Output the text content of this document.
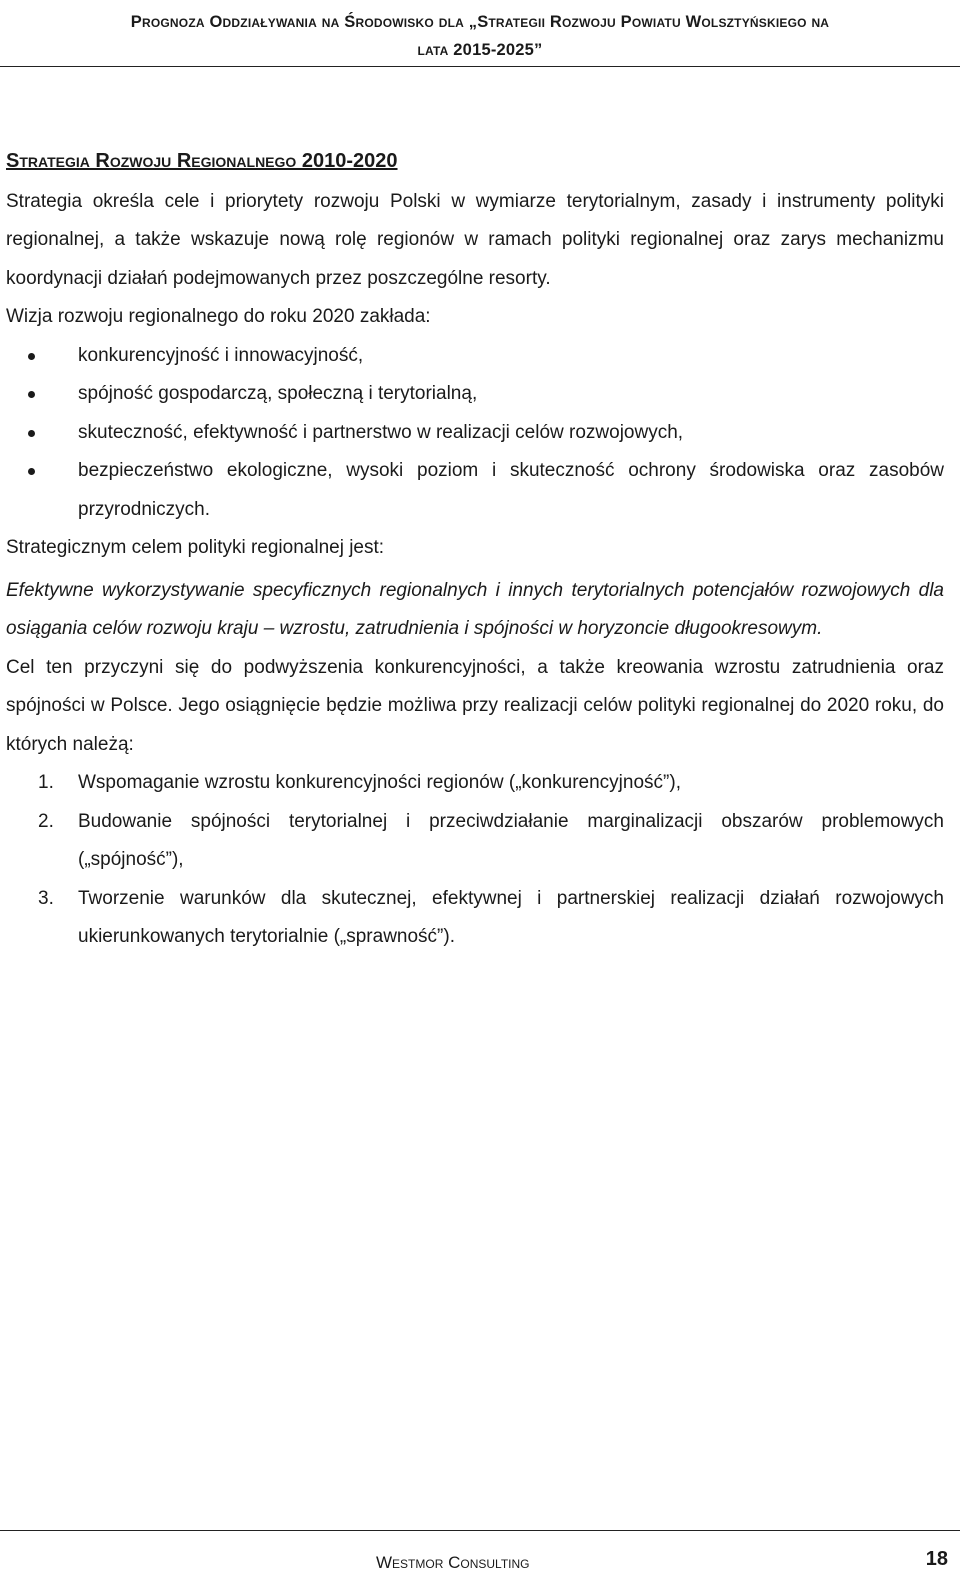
Prognoza Oddziaływania na Środowisko dla „Strategii Rozwoju Powiatu Wolsztyńskiego na
lata 2015-2025”
Strategia Rozwoju Regionalnego 2010-2020

Strategia określa cele i priorytety rozwoju Polski w wymiarze terytorialnym, zasady i instrumenty polityki regionalnej, a także wskazuje nową rolę regionów w ramach polityki regionalnej oraz zarys mechanizmu koordynacji działań podejmowanych przez poszczególne resorty.

Wizja rozwoju regionalnego do roku 2020 zakłada:

konkurencyjność i innowacyjność,
spójność gospodarczą, społeczną i terytorialną,
skuteczność, efektywność i partnerstwo w realizacji celów rozwojowych,
bezpieczeństwo ekologiczne, wysoki poziom i skuteczność ochrony środowiska oraz zasobów przyrodniczych.

Strategicznym celem polityki regionalnej jest:

Efektywne wykorzystywanie specyficznych regionalnych i innych terytorialnych potencjałów rozwojowych dla osiągania celów rozwoju kraju – wzrostu, zatrudnienia i spójności w horyzoncie długookresowym.

Cel ten przyczyni się do podwyższenia konkurencyjności, a także kreowania wzrostu zatrudnienia oraz spójności w Polsce. Jego osiągnięcie będzie możliwa przy realizacji celów polityki regionalnej do 2020 roku, do których należą:

1. Wspomaganie wzrostu konkurencyjności regionów („konkurencyjność”),
2. Budowanie spójności terytorialnej i przeciwdziałanie marginalizacji obszarów problemowych („spójność”),
3. Tworzenie warunków dla skutecznej, efektywnej i partnerskiej realizacji działań rozwojowych ukierunkowanych terytorialnie („sprawność”).
Westmor Consulting	18
